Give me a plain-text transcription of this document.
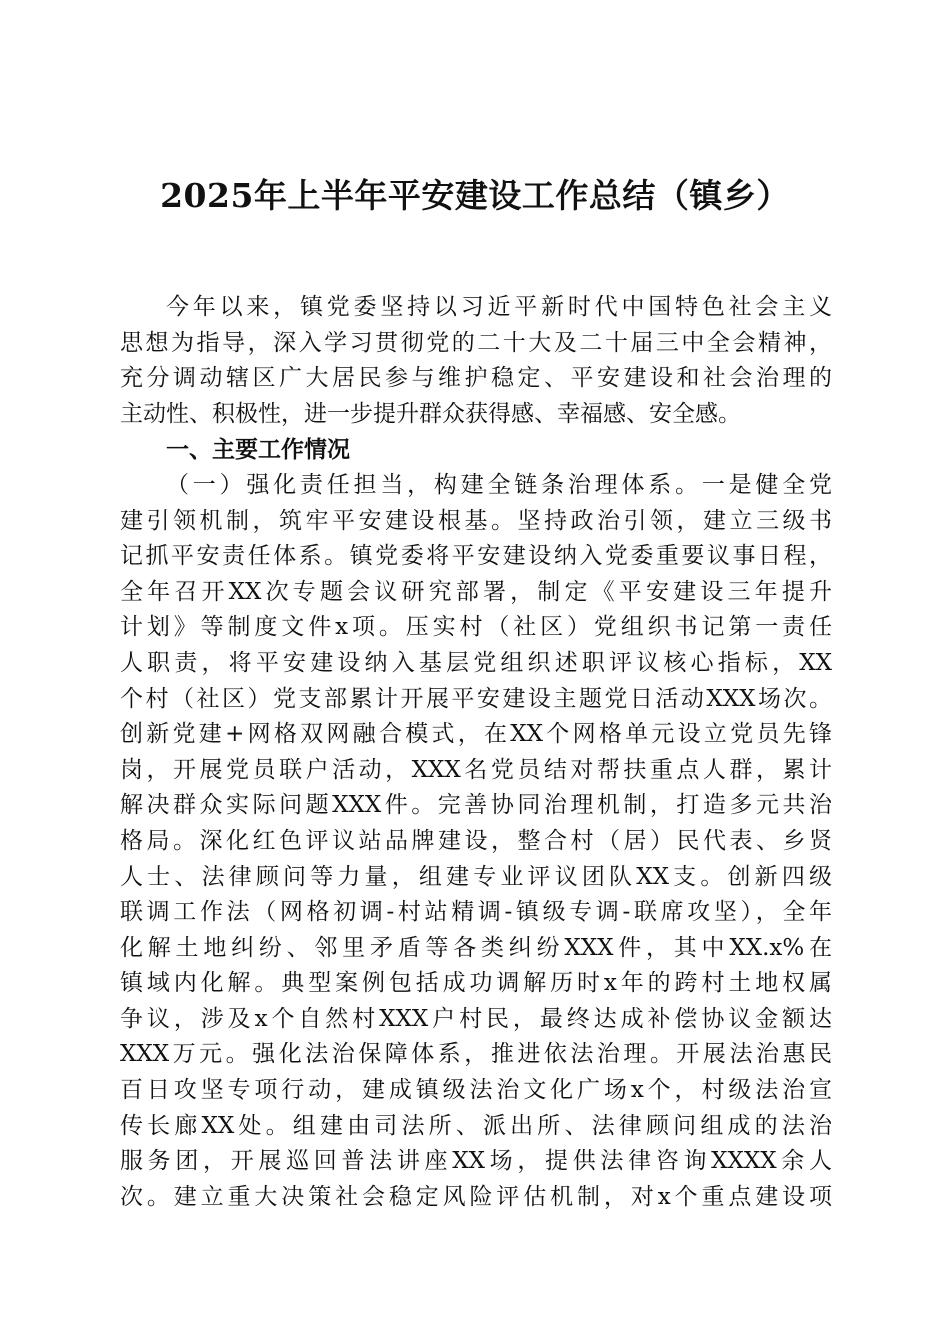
2025年上半年平安建设工作总结（镇乡）
今年以来，镇党委坚持以习近平新时代中国特色社会主义
思想为指导，深入学习贯彻党的二十大及二十届三中全会精神，
充分调动辖区广大居民参与维护稳定、平安建设和社会治理的
主动性、积极性，进一步提升群众获得感、幸福感、安全感。
一、主要工作情况
（一）强化责任担当，构建全链条治理体系。一是健全党
建引领机制，筑牢平安建设根基。坚持政治引领，建立三级书
记抓平安责任体系。镇党委将平安建设纳入党委重要议事日程，
全年召开XX次专题会议研究部署，制定《平安建设三年提升
计划》等制度文件x项。压实村（社区）党组织书记第一责任
人职责，将平安建设纳入基层党组织述职评议核心指标，XX
个村（社区）党支部累计开展平安建设主题党日活动XXX场次。
创新党建+网格双网融合模式，在XX个网格单元设立党员先锋
岗，开展党员联户活动，XXX名党员结对帮扶重点人群，累计
解决群众实际问题XXX件。完善协同治理机制，打造多元共治
格局。深化红色评议站品牌建设，整合村（居）民代表、乡贤
人士、法律顾问等力量，组建专业评议团队XX支。创新四级
联调工作法（网格初调-村站精调-镇级专调-联席攻坚），全年
化解土地纠纷、邻里矛盾等各类纠纷XXX件，其中XX.x%在
镇域内化解。典型案例包括成功调解历时x年的跨村土地权属
争议，涉及x个自然村XXX户村民，最终达成补偿协议金额达
XXX万元。强化法治保障体系，推进依法治理。开展法治惠民
百日攻坚专项行动，建成镇级法治文化广场x个，村级法治宣
传长廊XX处。组建由司法所、派出所、法律顾问组成的法治
服务团，开展巡回普法讲座XX场，提供法律咨询XXXX余人
次。建立重大决策社会稳定风险评估机制，对x个重点建设项
